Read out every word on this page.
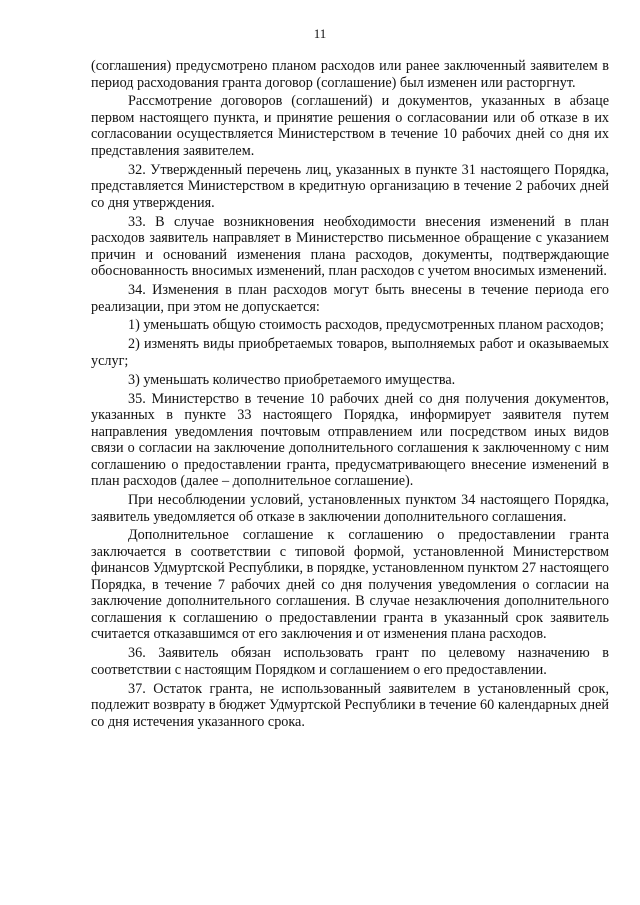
11

(соглашения) предусмотрено планом расходов или ранее заключенный заявителем в период расходования гранта договор (соглашение) был изменен или расторгнут.

Рассмотрение договоров (соглашений) и документов, указанных в абзаце первом настоящего пункта, и принятие решения о согласовании или об отказе в их согласовании осуществляется Министерством в течение 10 рабочих дней со дня их представления заявителем.

32. Утвержденный перечень лиц, указанных в пункте 31 настоящего Порядка, представляется Министерством в кредитную организацию в течение 2 рабочих дней со дня утверждения.

33. В случае возникновения необходимости внесения изменений в план расходов заявитель направляет в Министерство письменное обращение с указанием причин и оснований изменения плана расходов, документы, подтверждающие обоснованность вносимых изменений, план расходов с учетом вносимых изменений.

34. Изменения в план расходов могут быть внесены в течение периода его реализации, при этом не допускается:

1) уменьшать общую стоимость расходов, предусмотренных планом расходов;

2) изменять виды приобретаемых товаров, выполняемых работ и оказываемых услуг;

3) уменьшать количество приобретаемого имущества.

35. Министерство в течение 10 рабочих дней со дня получения документов, указанных в пункте 33 настоящего Порядка, информирует заявителя путем направления уведомления почтовым отправлением или посредством иных видов связи о согласии на заключение дополнительного соглашения к заключенному с ним соглашению о предоставлении гранта, предусматривающего внесение изменений в план расходов (далее – дополнительное соглашение).

При несоблюдении условий, установленных пунктом 34 настоящего Порядка, заявитель уведомляется об отказе в заключении дополнительного соглашения.

Дополнительное соглашение к соглашению о предоставлении гранта заключается в соответствии с типовой формой, установленной Министерством финансов Удмуртской Республики, в порядке, установленном пунктом 27 настоящего Порядка, в течение 7 рабочих дней со дня получения уведомления о согласии на заключение дополнительного соглашения. В случае незаключения дополнительного соглашения к соглашению о предоставлении гранта в указанный срок заявитель считается отказавшимся от его заключения и от изменения плана расходов.

36. Заявитель обязан использовать грант по целевому назначению в соответствии с настоящим Порядком и соглашением о его предоставлении.

37. Остаток гранта, не использованный заявителем в установленный срок, подлежит возврату в бюджет Удмуртской Республики в течение 60 календарных дней со дня истечения указанного срока.
